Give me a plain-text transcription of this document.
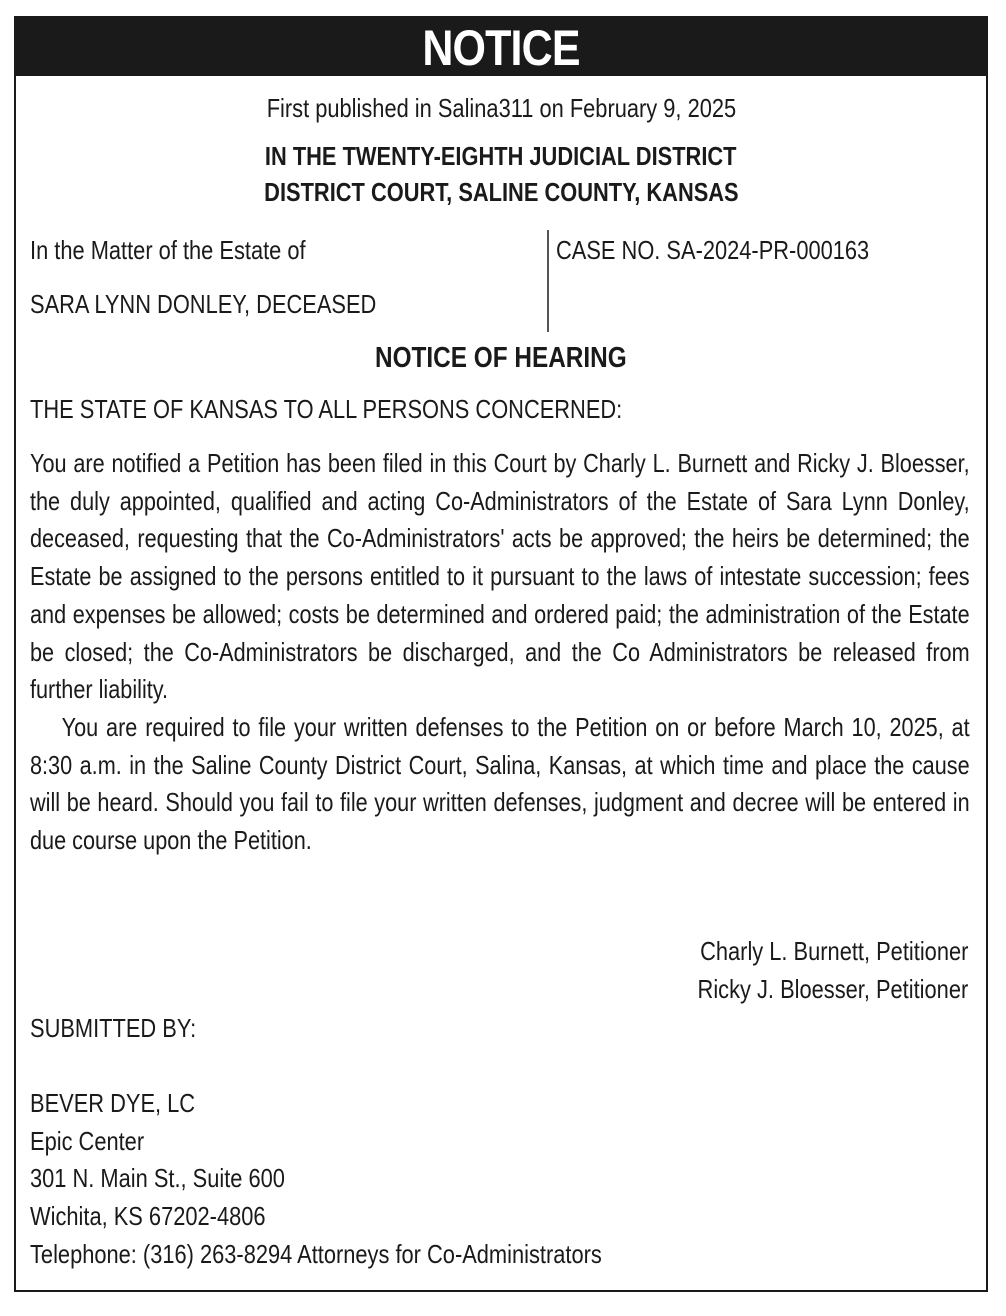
NOTICE
First published in Salina311 on February 9, 2025
IN THE TWENTY-EIGHTH JUDICIAL DISTRICT
DISTRICT COURT, SALINE COUNTY, KANSAS
In the Matter of the Estate of
SARA LYNN DONLEY, DECEASED
CASE NO. SA-2024-PR-000163
NOTICE OF HEARING
THE STATE OF KANSAS TO ALL PERSONS CONCERNED:

You are notified a Petition has been filed in this Court by Charly L. Burnett and Ricky J. Bloesser, the duly appointed, qualified and acting Co-Administrators of the Estate of Sara Lynn Donley, deceased, requesting that the Co-Administrators' acts be approved; the heirs be determined; the Estate be assigned to the persons entitled to it pursuant to the laws of intestate succession; fees and expenses be allowed; costs be determined and ordered paid; the administration of the Estate be closed; the Co-Administrators be discharged, and the Co Administrators be released from further liability.

You are required to file your written defenses to the Petition on or before March 10, 2025, at 8:30 a.m. in the Saline County District Court, Salina, Kansas, at which time and place the cause will be heard. Should you fail to file your written defenses, judgment and decree will be entered in due course upon the Petition.

Charly L. Burnett, Petitioner
Ricky J. Bloesser, Petitioner
SUBMITTED BY:
BEVER DYE, LC
Epic Center
301 N. Main St., Suite 600
Wichita, KS 67202-4806
Telephone: (316) 263-8294 Attorneys for Co-Administrators
